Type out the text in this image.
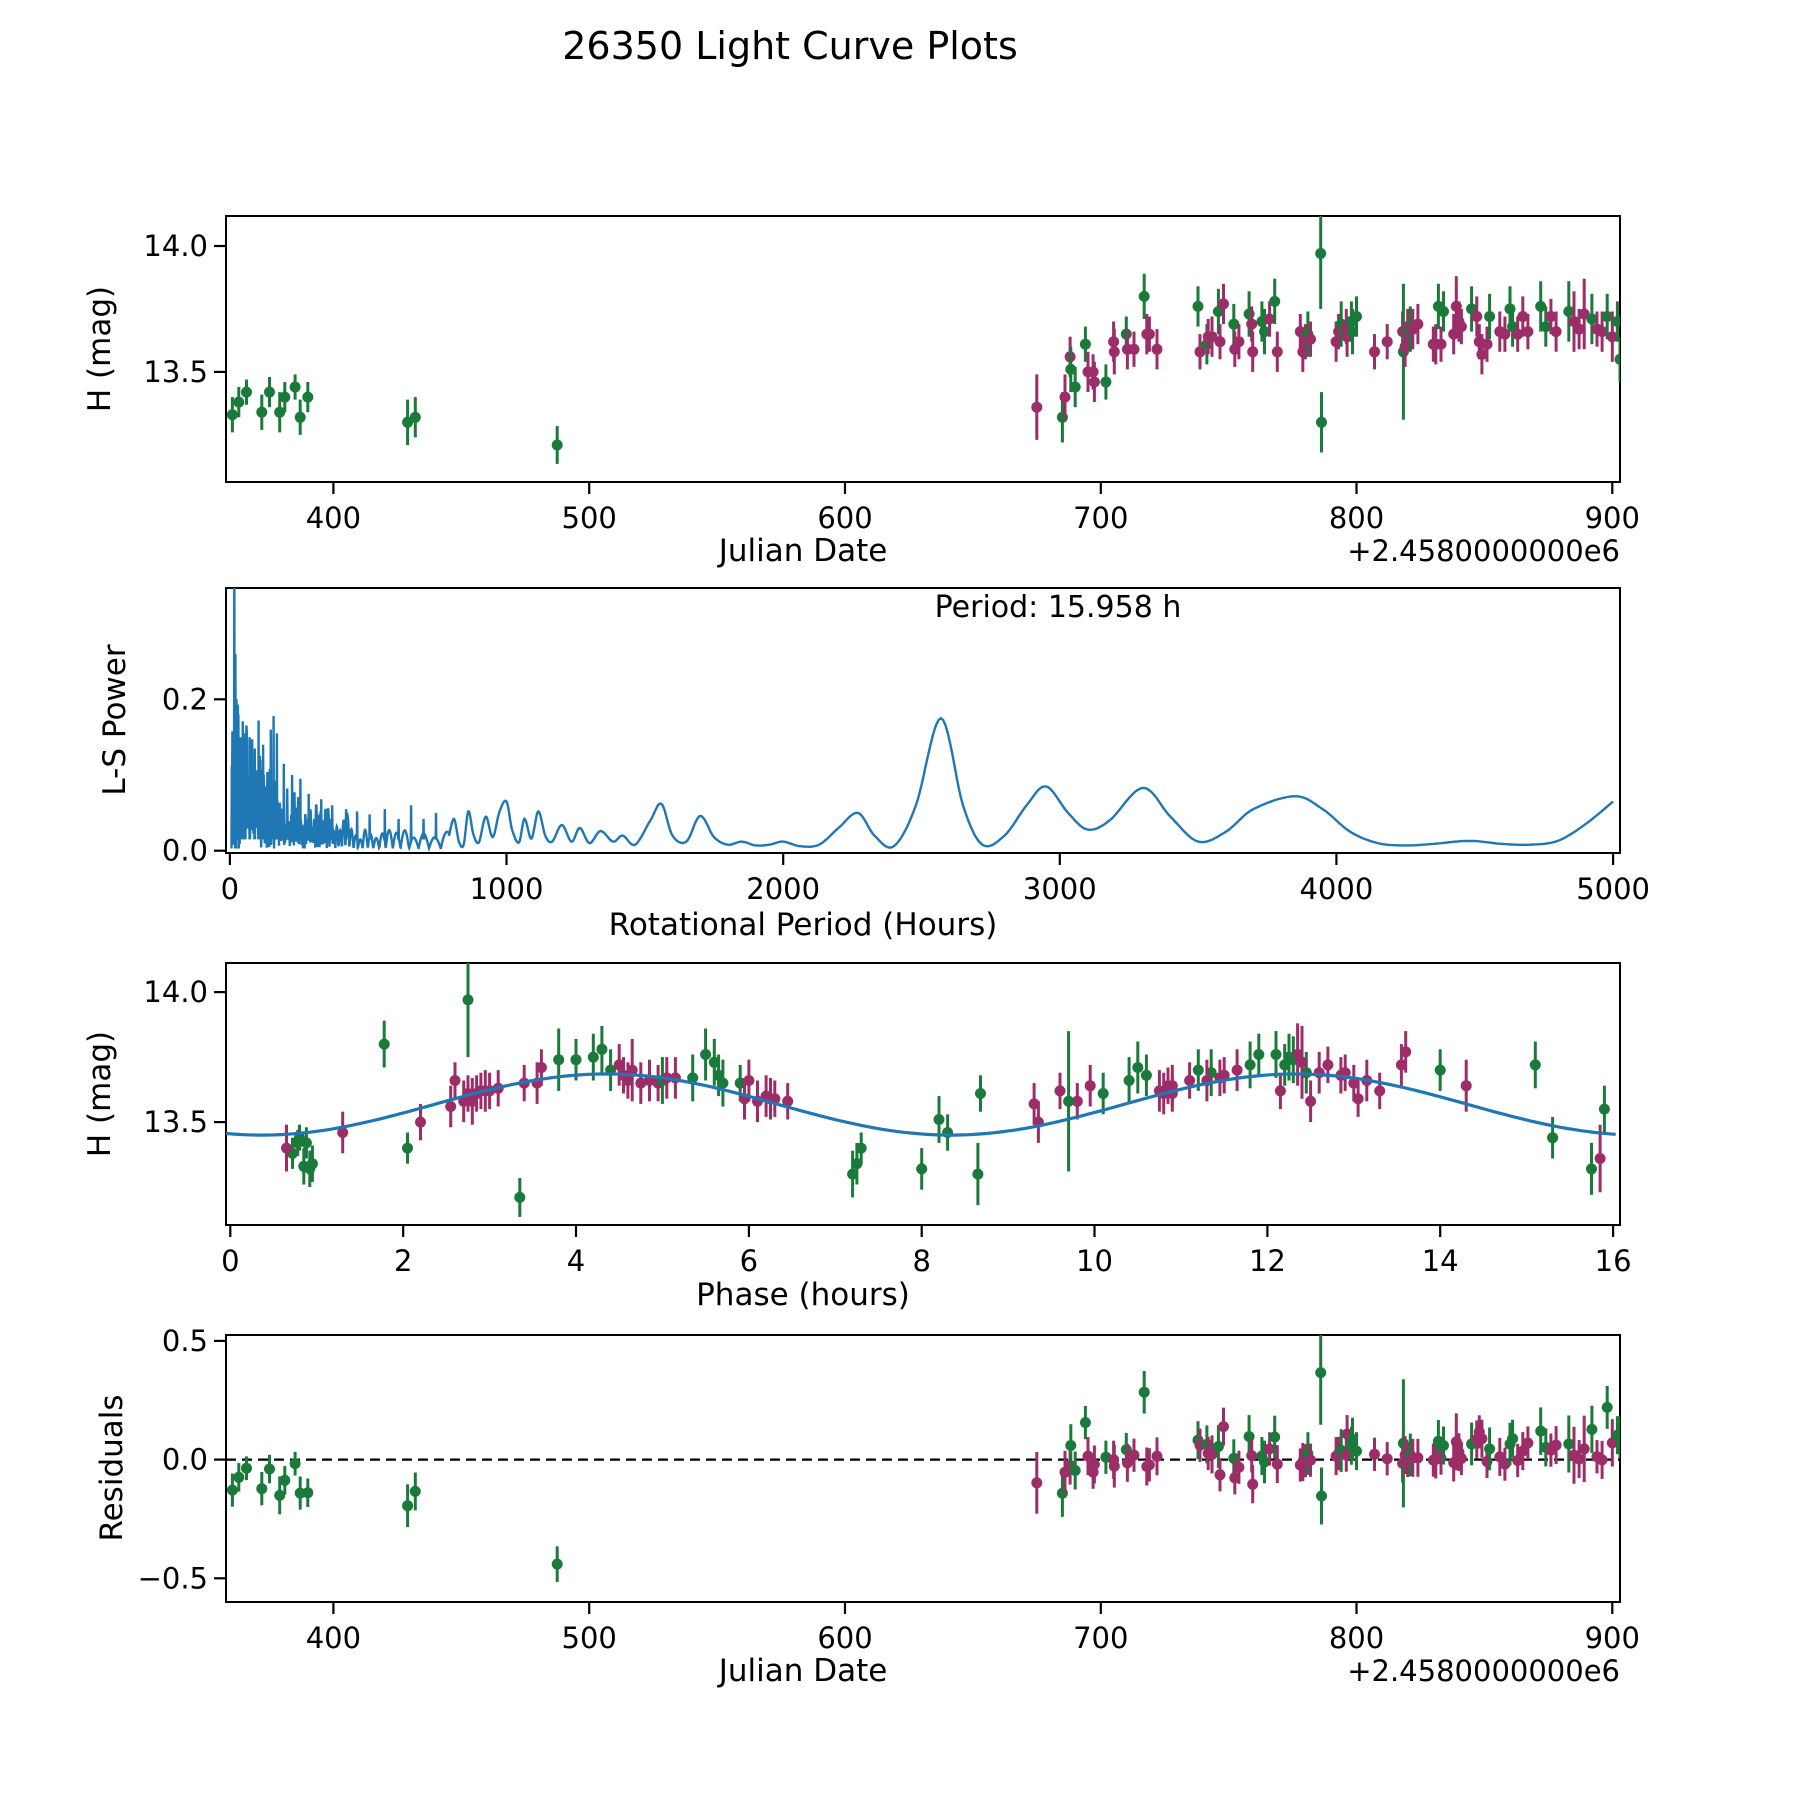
400	500	600	700	800	900
13.5
14.0
0	1000	2000	3000	4000	5000
0.0
0.2
0	2	4	6	8	10	12	14	16
13.5
14.0
400	500	600	700	800	900
−0.5
0.0
0.5
26350 Light Curve Plots
H (mag)
Julian Date	+2.4580000000e6
L-S Power
Rotational Period (Hours)
Period: 15.958 h
H (mag)
Phase (hours)
Residuals
Julian Date	+2.4580000000e6
